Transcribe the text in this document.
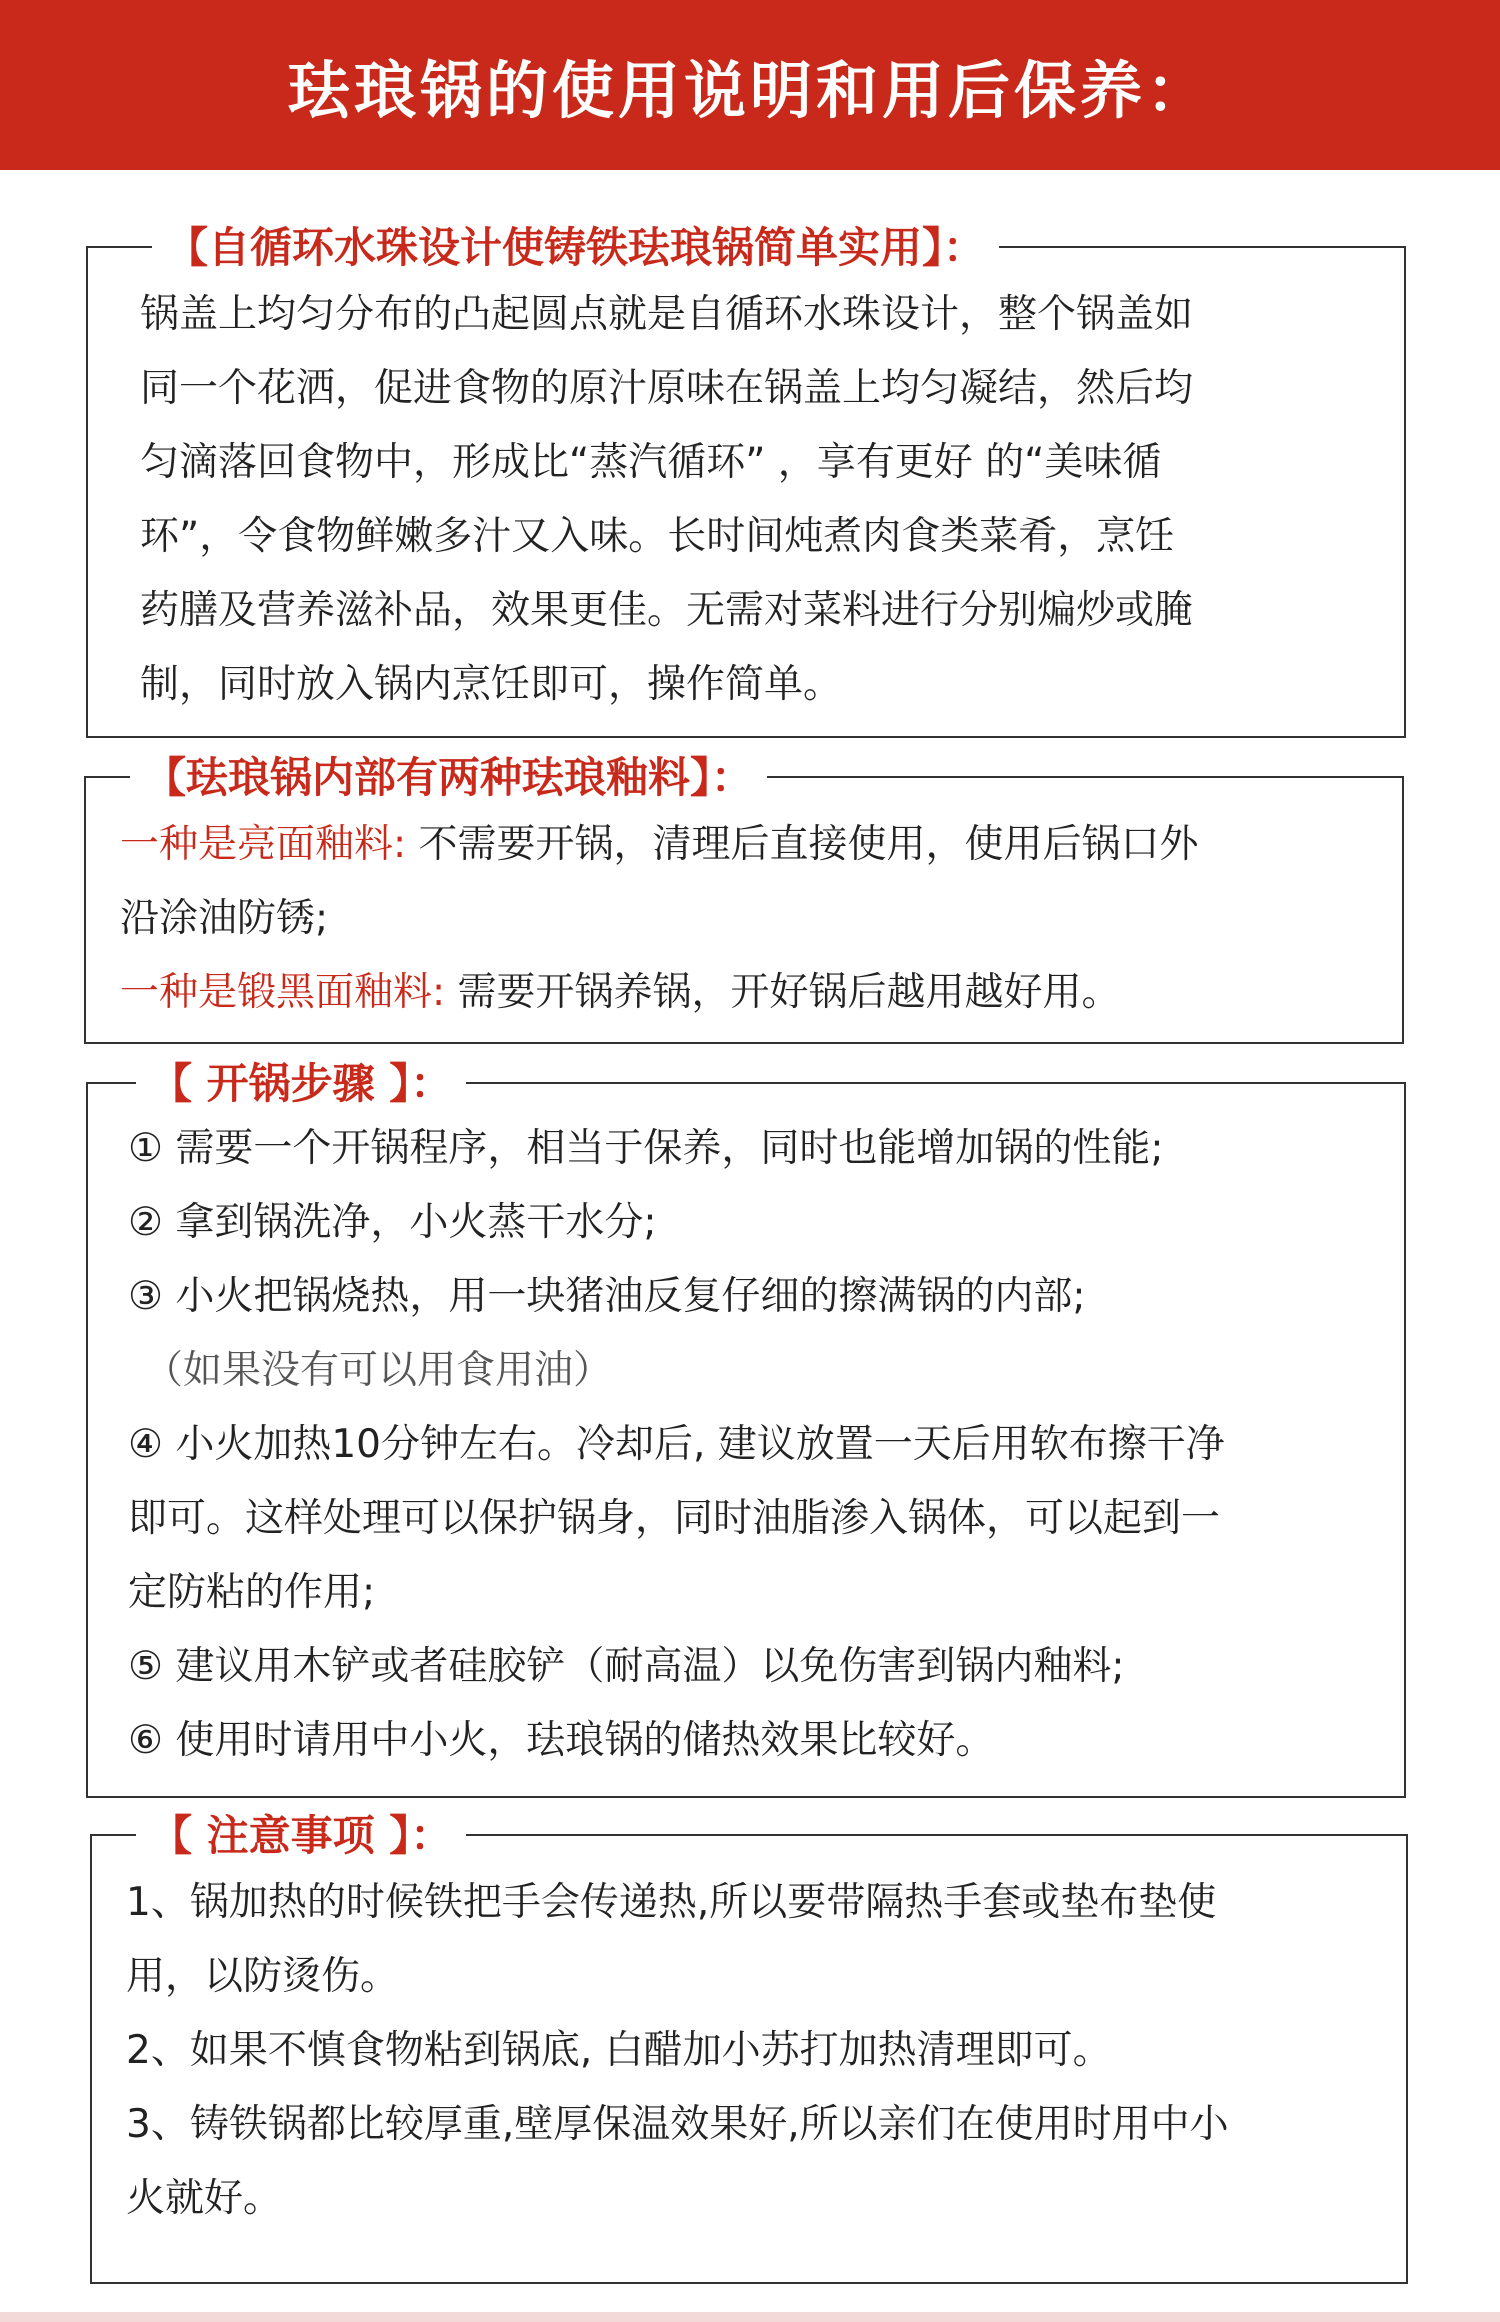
珐琅锅的使用说明和用后保养：
【自循环水珠设计使铸铁珐琅锅简单实用】：
锅盖上均匀分布的凸起圆点就是自循环水珠设计，整个锅盖如
同一个花洒，促进食物的原汁原味在锅盖上均匀凝结，然后均
匀滴落回食物中，形成比“蒸汽循环” ，享有更好 的“美味循
环”，令食物鲜嫩多汁又入味。长时间炖煮肉食类菜肴，烹饪
药膳及营养滋补品，效果更佳。无需对菜料进行分别煸炒或腌
制，同时放入锅内烹饪即可，操作简单。
【珐琅锅内部有两种珐琅釉料】：
一种是亮面釉料: 不需要开锅，清理后直接使用，使用后锅口外
沿涂油防锈;
一种是锻黑面釉料: 需要开锅养锅，开好锅后越用越好用。
【 开锅步骤 】：
① 需要一个开锅程序，相当于保养，同时也能增加锅的性能;
② 拿到锅洗净，小火蒸干水分;
③ 小火把锅烧热，用一块猪油反复仔细的擦满锅的内部;
（如果没有可以用食用油）
④ 小火加热10分钟左右。冷却后, 建议放置一天后用软布擦干净
即可。这样处理可以保护锅身，同时油脂渗入锅体，可以起到一
定防粘的作用;
⑤ 建议用木铲或者硅胶铲（耐高温）以免伤害到锅内釉料;
⑥ 使用时请用中小火，珐琅锅的储热效果比较好。
【 注意事项 】：
1、锅加热的时候铁把手会传递热,所以要带隔热手套或垫布垫使
用，以防烫伤。
2、如果不慎食物粘到锅底, 白醋加小苏打加热清理即可。
3、铸铁锅都比较厚重,壁厚保温效果好,所以亲们在使用时用中小
火就好。
